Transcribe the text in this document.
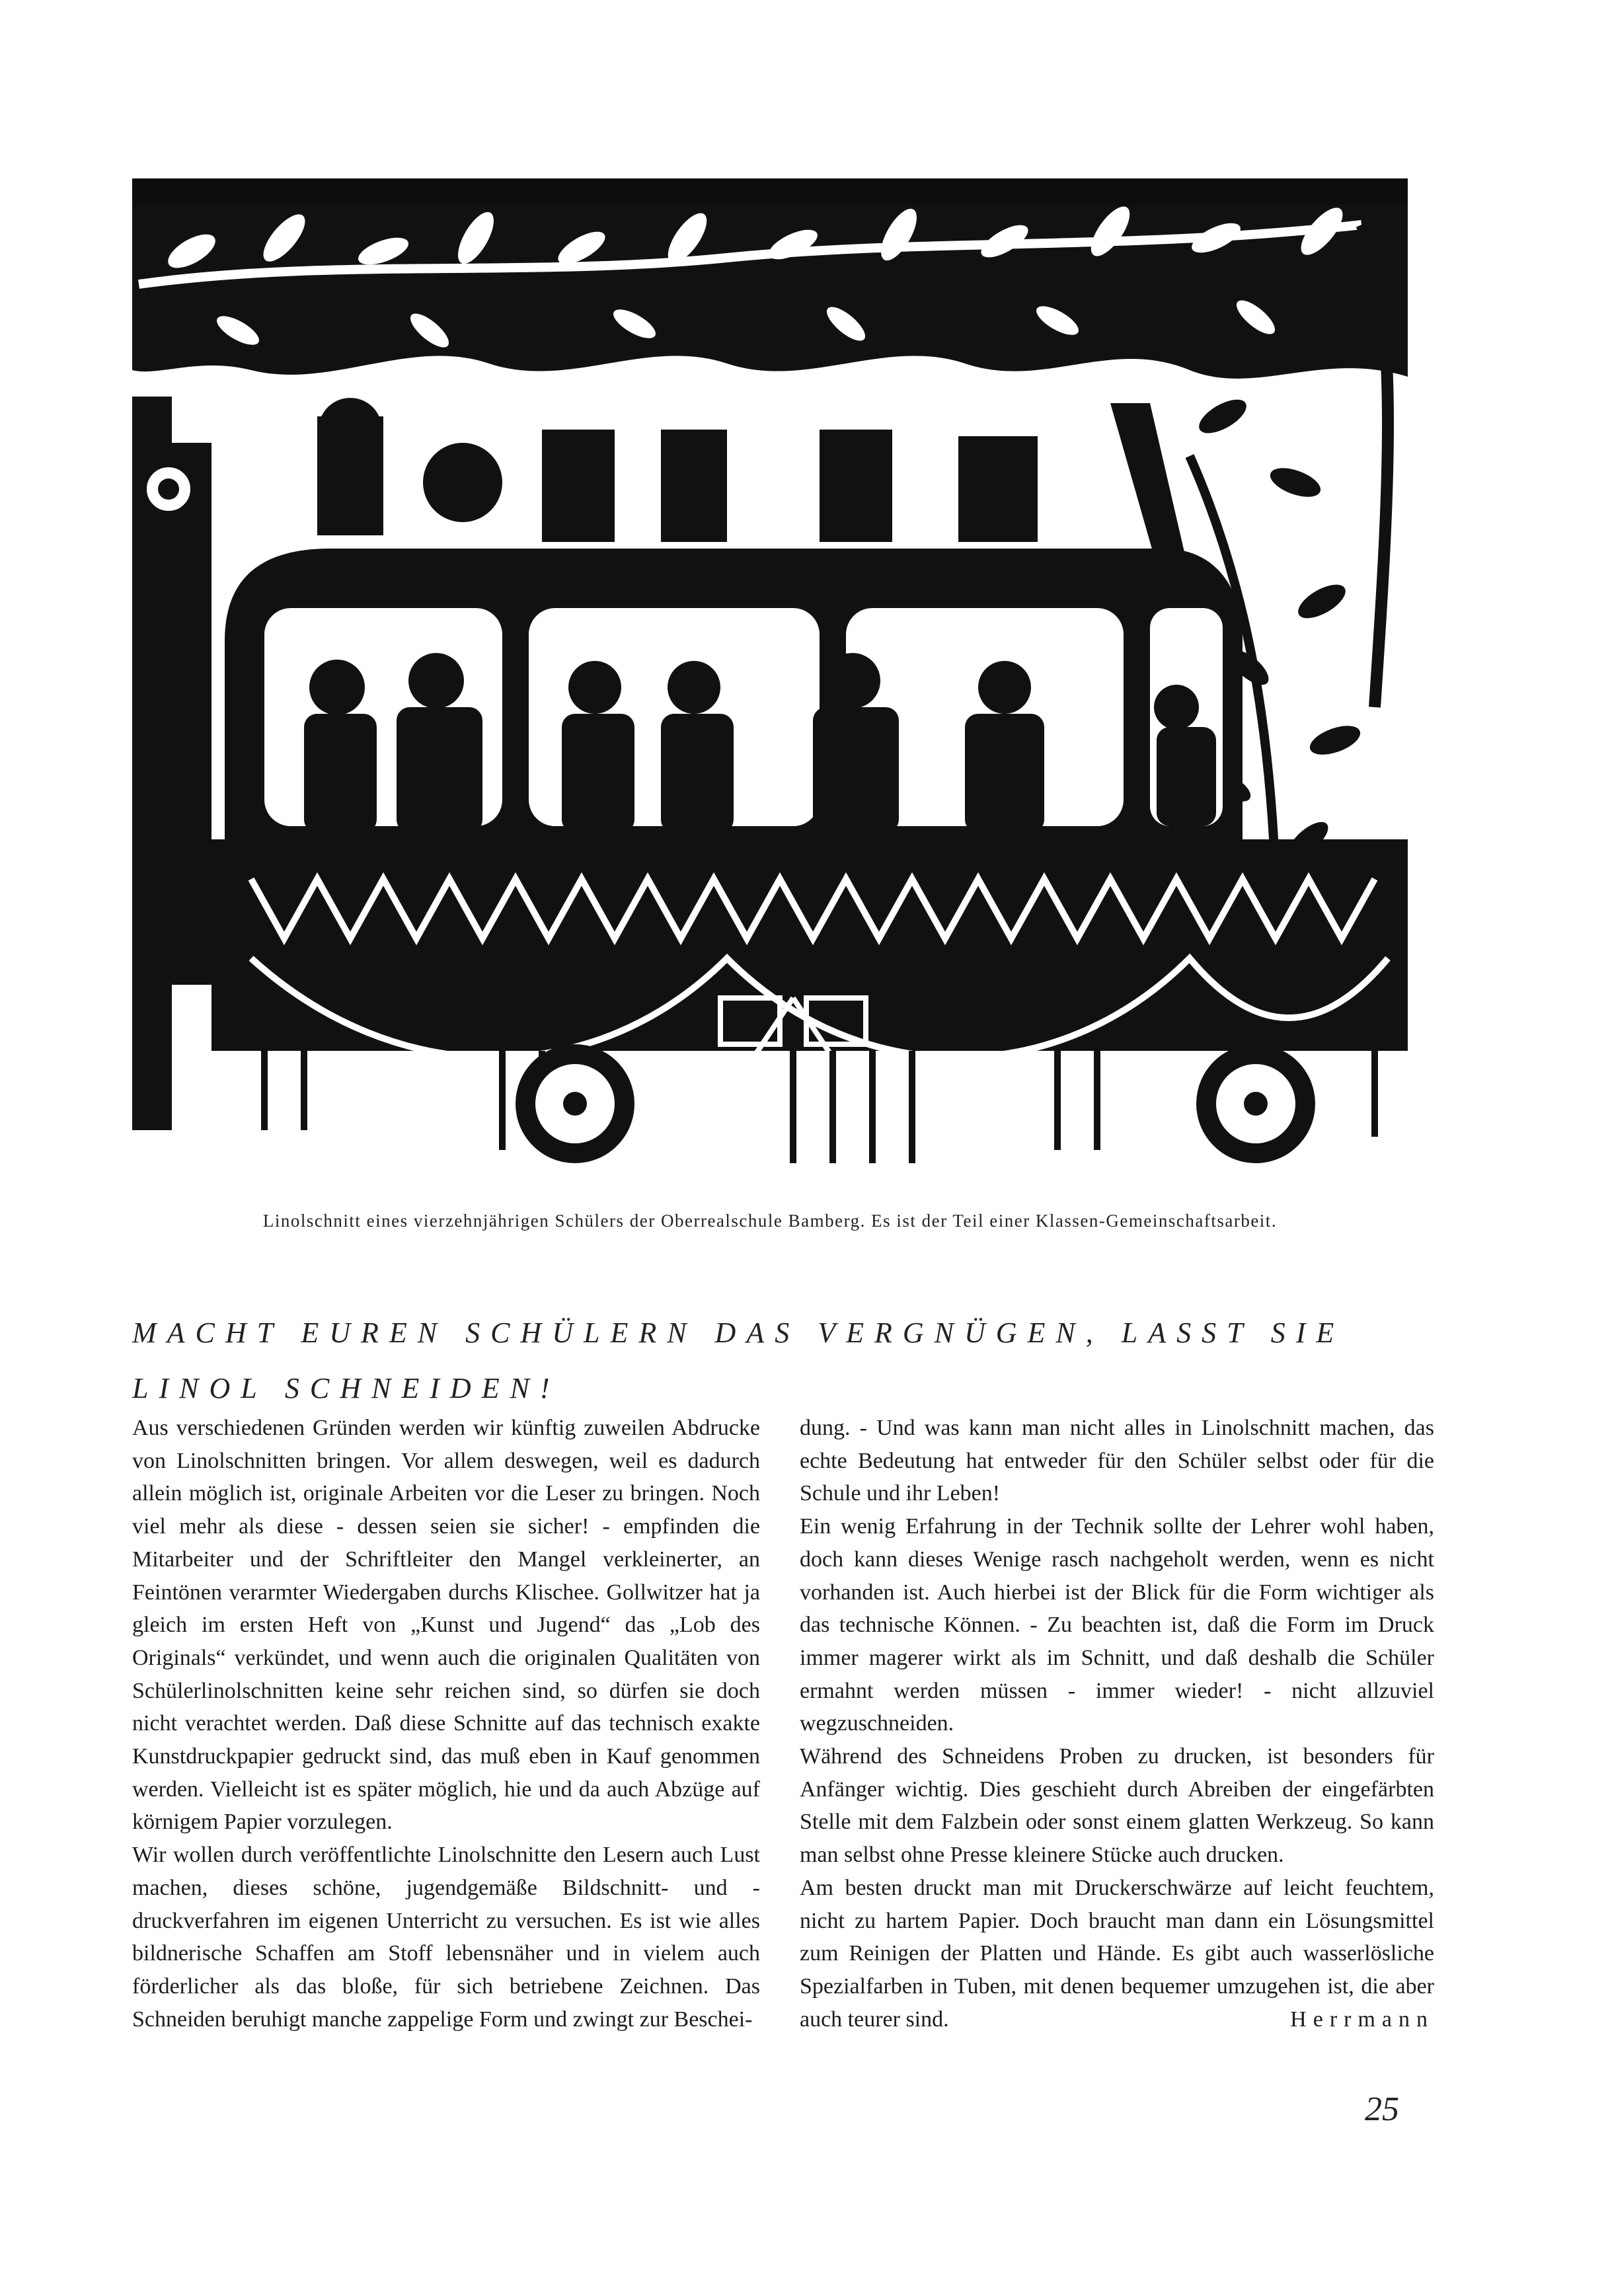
Linolschnitt eines vierzehnjährigen Schülers der Oberrealschule Bamberg. Es ist der Teil einer Klassen-Gemeinschaftsarbeit.
MACHT EUREN SCHÜLERN DAS VERGNÜGEN, LASST SIE LINOL SCHNEIDEN!

Aus verschiedenen Gründen werden wir künftig zuweilen Abdrucke von Linolschnitten bringen. Vor allem deswegen, weil es dadurch allein möglich ist, originale Arbeiten vor die Leser zu bringen. Noch viel mehr als diese - dessen seien sie sicher! - empfinden die Mitarbeiter und der Schriftleiter den Mangel verkleinerter, an Feintönen verarmter Wiedergaben durchs Klischee. Gollwitzer hat ja gleich im ersten Heft von „Kunst und Jugend“ das „Lob des Originals“ verkündet, und wenn auch die originalen Qualitäten von Schülerlinolschnitten keine sehr reichen sind, so dürfen sie doch nicht verachtet werden. Daß diese Schnitte auf das technisch exakte Kunstdruckpapier gedruckt sind, das muß eben in Kauf genommen werden. Vielleicht ist es später möglich, hie und da auch Abzüge auf körnigem Papier vorzulegen.

Wir wollen durch veröffentlichte Linolschnitte den Lesern auch Lust machen, dieses schöne, jugendgemäße Bildschnitt- und -druckverfahren im eigenen Unterricht zu versuchen. Es ist wie alles bildnerische Schaffen am Stoff lebensnäher und in vielem auch förderlicher als das bloße, für sich betriebene Zeichnen. Das Schneiden beruhigt manche zappelige Form und zwingt zur Beschei-

dung. - Und was kann man nicht alles in Linolschnitt machen, das echte Bedeutung hat entweder für den Schüler selbst oder für die Schule und ihr Leben!

Ein wenig Erfahrung in der Technik sollte der Lehrer wohl haben, doch kann dieses Wenige rasch nachgeholt werden, wenn es nicht vorhanden ist. Auch hierbei ist der Blick für die Form wichtiger als das technische Können. - Zu beachten ist, daß die Form im Druck immer magerer wirkt als im Schnitt, und daß deshalb die Schüler ermahnt werden müssen - immer wieder! - nicht allzuviel wegzuschneiden.

Während des Schneidens Proben zu drucken, ist besonders für Anfänger wichtig. Dies geschieht durch Abreiben der eingefärbten Stelle mit dem Falzbein oder sonst einem glatten Werkzeug. So kann man selbst ohne Presse kleinere Stücke auch drucken.

Am besten druckt man mit Druckerschwärze auf leicht feuchtem, nicht zu hartem Papier. Doch braucht man dann ein Lösungsmittel zum Reinigen der Platten und Hände. Es gibt auch wasserlösliche Spezialfarben in Tuben, mit denen bequemer umzugehen ist, die aber auch teurer sind.	Herrmann
25
